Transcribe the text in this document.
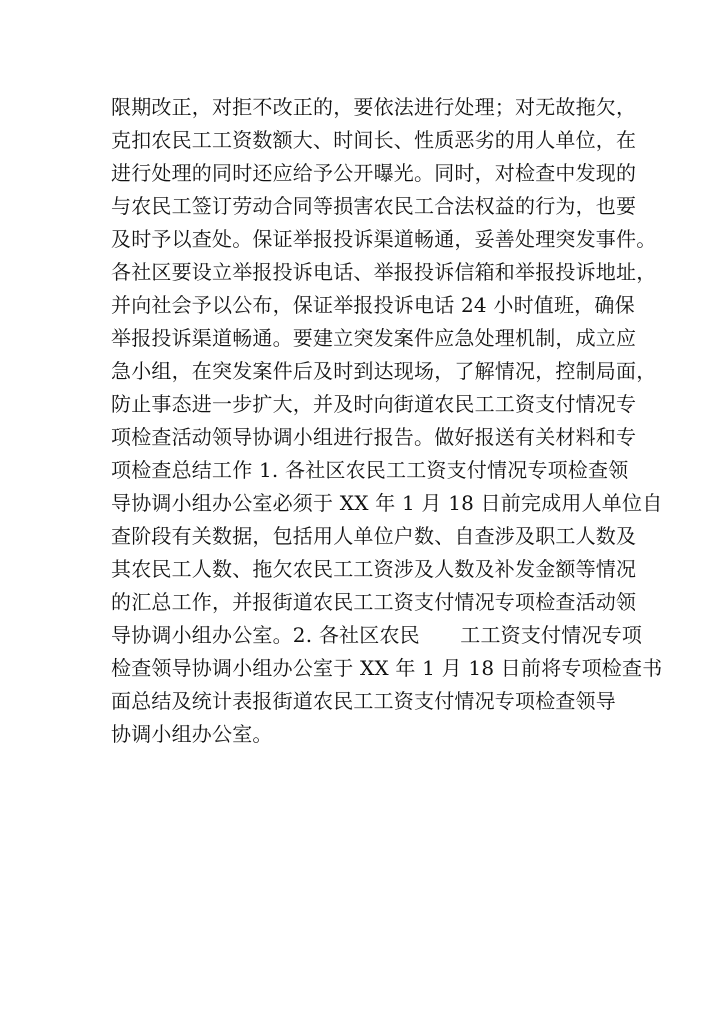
限期改正，对拒不改正的，要依法进行处理；对无故拖欠，
克扣农民工工资数额大、时间长、性质恶劣的用人单位，在
进行处理的同时还应给予公开曝光。同时，对检查中发现的
与农民工签订劳动合同等损害农民工合法权益的行为，也要
及时予以查处。保证举报投诉渠道畅通，妥善处理突发事件。
各社区要设立举报投诉电话、举报投诉信箱和举报投诉地址，
并向社会予以公布，保证举报投诉电话 24 小时值班，确保
举报投诉渠道畅通。要建立突发案件应急处理机制，成立应
急小组，在突发案件后及时到达现场，了解情况，控制局面，
防止事态进一步扩大，并及时向街道农民工工资支付情况专
项检查活动领导协调小组进行报告。做好报送有关材料和专
项检查总结工作 1. 各社区农民工工资支付情况专项检查领
导协调小组办公室必须于 XX 年 1 月 18 日前完成用人单位自
查阶段有关数据，包括用人单位户数、自查涉及职工人数及
其农民工人数、拖欠农民工工资涉及人数及补发金额等情况
的汇总工作，并报街道农民工工资支付情况专项检查活动领
导协调小组办公室。2. 各社区农民　　工工资支付情况专项
检查领导协调小组办公室于 XX 年 1 月 18 日前将专项检查书
面总结及统计表报街道农民工工资支付情况专项检查领导
协调小组办公室。
